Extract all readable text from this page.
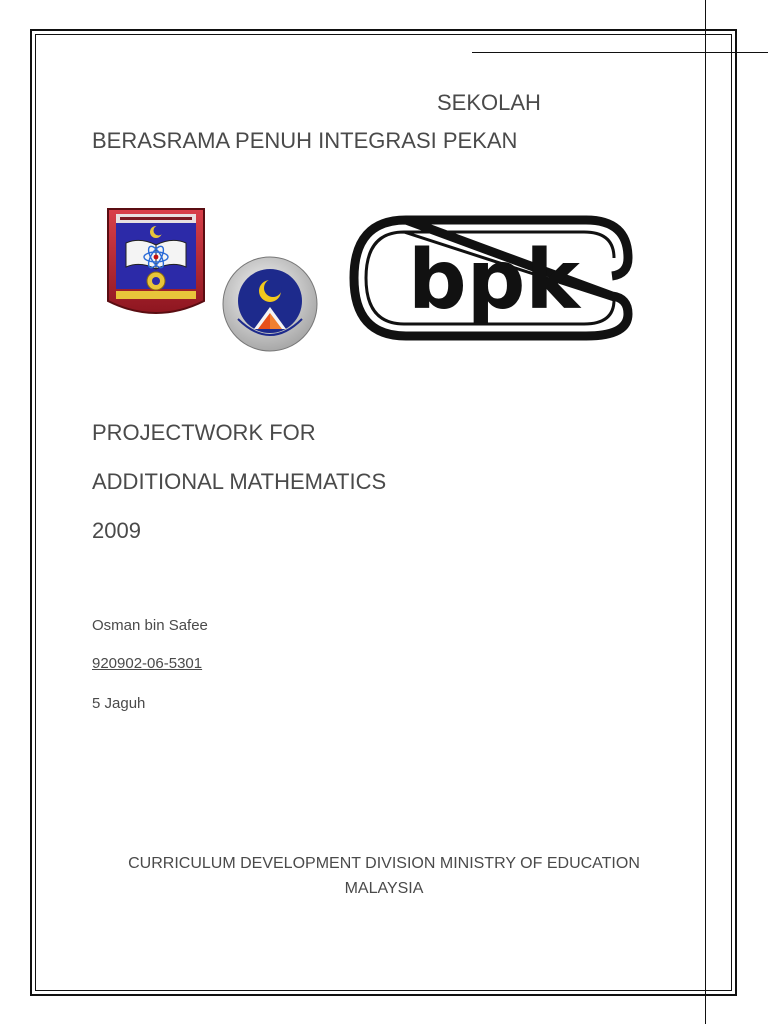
SEKOLAH

BERASRAMA PENUH INTEGRASI PEKAN

bpk

PROJECTWORK FOR

ADDITIONAL MATHEMATICS

2009

Osman bin Safee

920902-06-5301

5 Jaguh

CURRICULUM DEVELOPMENT DIVISION MINISTRY OF EDUCATION MALAYSIA
